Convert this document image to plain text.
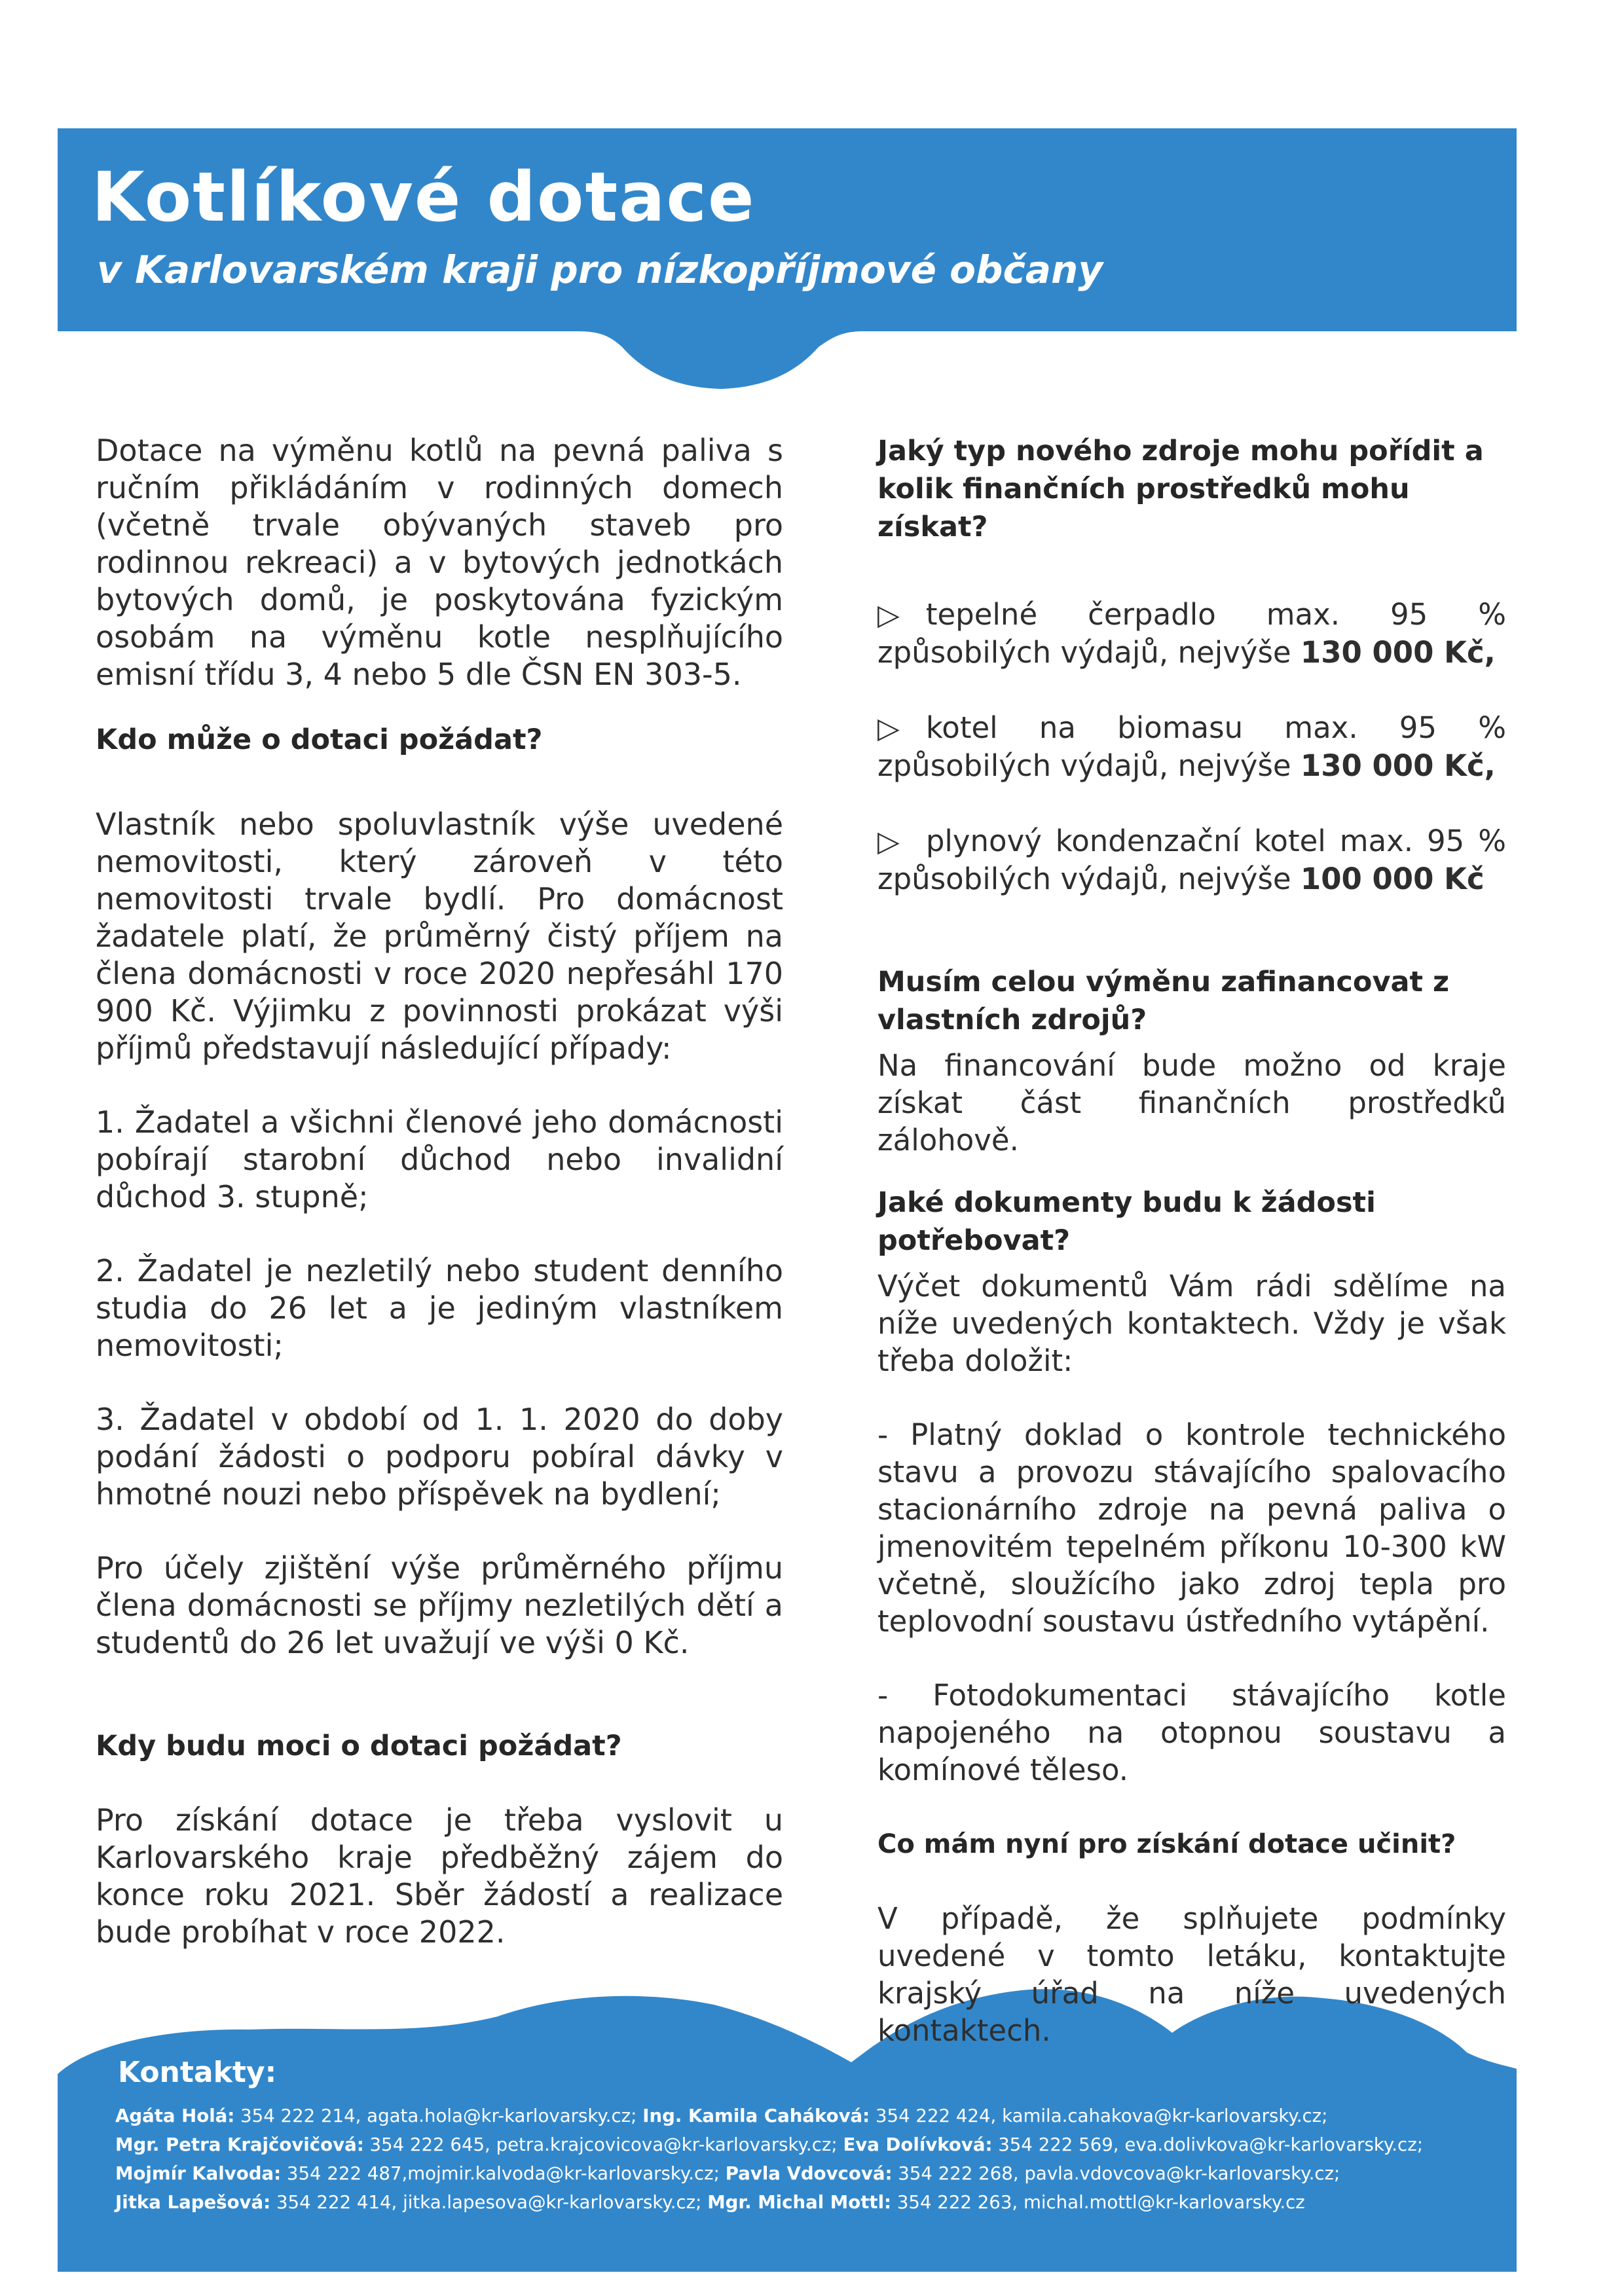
Kotlíkové dotace
v Karlovarském kraji pro nízkopříjmové občany

Dotace na výměnu kotlů na pevná paliva s ručním přikládáním v rodinných domech (včetně trvale obývaných staveb pro rodinnou rekreaci) a v bytových jednotkách bytových domů, je poskytována fyzickým osobám na výměnu kotle nesplňujícího emisní třídu 3, 4 nebo 5 dle ČSN EN 303-5.

Kdo může o dotaci požádat?

Vlastník nebo spoluvlastník výše uvedené nemovitosti, který zároveň v této nemovitosti trvale bydlí. Pro domácnost žadatele platí, že průměrný čistý příjem na člena domácnosti v roce 2020 nepřesáhl 170 900 Kč. Výjimku z povinnosti prokázat výši příjmů představují následující případy:

1. Žadatel a všichni členové jeho domácnosti pobírají starobní důchod nebo invalidní důchod 3. stupně;

2. Žadatel je nezletilý nebo student denního studia do 26 let a je jediným vlastníkem nemovitosti;

3. Žadatel v období od 1. 1. 2020 do doby podání žádosti o podporu pobíral dávky v hmotné nouzi nebo příspěvek na bydlení;

Pro účely zjištění výše průměrného příjmu člena domácnosti se příjmy nezletilých dětí a studentů do 26 let uvažují ve výši 0 Kč.

Kdy budu moci o dotaci požádat?

Pro získání dotace je třeba vyslovit u Karlovarského kraje předběžný zájem do konce roku 2021. Sběr žádostí a realizace bude probíhat v roce 2022.

Jaký typ nového zdroje mohu pořídit a kolik finančních prostředků mohu získat?

▷ tepelné čerpadlo max. 95 % způsobilých výdajů, nejvýše 130 000 Kč,

▷ kotel na biomasu max. 95 % způsobilých výdajů, nejvýše 130 000 Kč,

▷ plynový kondenzační kotel max. 95 % způsobilých výdajů, nejvýše 100 000 Kč

Musím celou výměnu zafinancovat z vlastních zdrojů?

Na financování bude možno od kraje získat část finančních prostředků zálohově.

Jaké dokumenty budu k žádosti potřebovat?

Výčet dokumentů Vám rádi sdělíme na níže uvedených kontaktech. Vždy je však třeba doložit:

- Platný doklad o kontrole technického stavu a provozu stávajícího spalovacího stacionárního zdroje na pevná paliva o jmenovitém tepelném příkonu 10-300 kW včetně, sloužícího jako zdroj tepla pro teplovodní soustavu ústředního vytápění.

- Fotodokumentaci stávajícího kotle napojeného na otopnou soustavu a komínové těleso.

Co mám nyní pro získání dotace učinit?

V případě, že splňujete podmínky uvedené v tomto letáku, kontaktujte krajský úřad na níže uvedených kontaktech.

Kontakty:

Agáta Holá: 354 222 214, agata.hola@kr-karlovarsky.cz; Ing. Kamila Caháková: 354 222 424, kamila.cahakova@kr-karlovarsky.cz;
Mgr. Petra Krajčovičová: 354 222 645, petra.krajcovicova@kr-karlovarsky.cz; Eva Dolívková: 354 222 569, eva.dolivkova@kr-karlovarsky.cz;
Mojmír Kalvoda: 354 222 487,mojmir.kalvoda@kr-karlovarsky.cz; Pavla Vdovcová: 354 222 268, pavla.vdovcova@kr-karlovarsky.cz;
Jitka Lapešová: 354 222 414, jitka.lapesova@kr-karlovarsky.cz; Mgr. Michal Mottl: 354 222 263, michal.mottl@kr-karlovarsky.cz
